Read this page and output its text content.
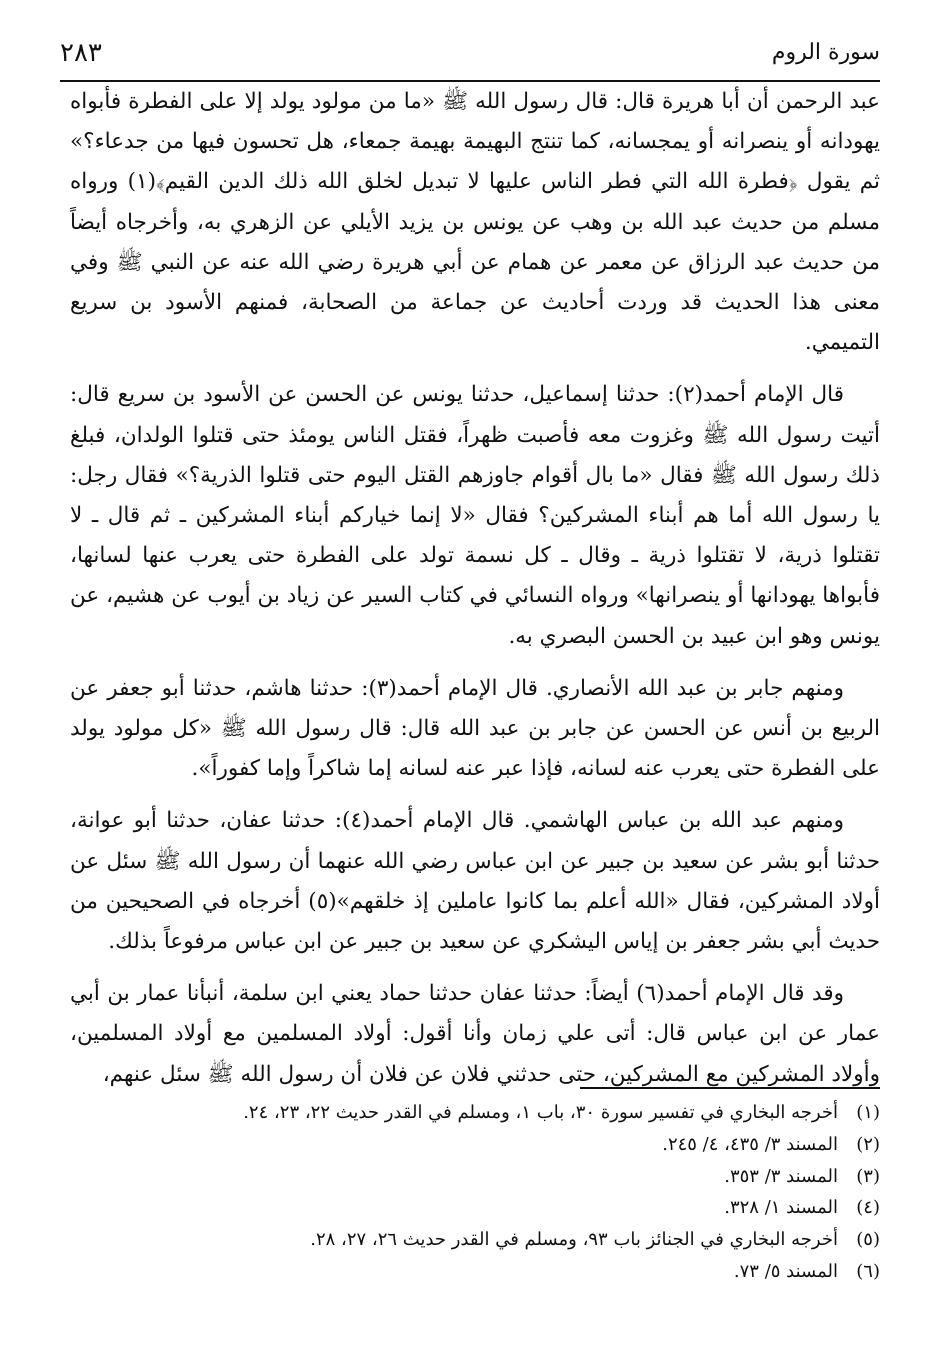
سورة الروم
٢٨٣

عبد الرحمن أن أبا هريرة قال: قال رسول الله ﷺ «ما من مولود يولد إلا على الفطرة فأبواه يهودانه أو ينصرانه أو يمجسانه، كما تنتج البهيمة بهيمة جمعاء، هل تحسون فيها من جدعاء؟» ثم يقول ﴿فطرة الله التي فطر الناس عليها لا تبديل لخلق الله ذلك الدين القيم﴾(١) ورواه مسلم من حديث عبد الله بن وهب عن يونس بن يزيد الأيلي عن الزهري به، وأخرجاه أيضاً من حديث عبد الرزاق عن معمر عن همام عن أبي هريرة رضي الله عنه عن النبي ﷺ وفي معنى هذا الحديث قد وردت أحاديث عن جماعة من الصحابة، فمنهم الأسود بن سريع التميمي.

قال الإمام أحمد(٢): حدثنا إسماعيل، حدثنا يونس عن الحسن عن الأسود بن سريع قال: أتيت رسول الله ﷺ وغزوت معه فأصبت ظهراً، فقتل الناس يومئذ حتى قتلوا الولدان، فبلغ ذلك رسول الله ﷺ فقال «ما بال أقوام جاوزهم القتل اليوم حتى قتلوا الذرية؟» فقال رجل: يا رسول الله أما هم أبناء المشركين؟ فقال «لا إنما خياركم أبناء المشركين ـ ثم قال ـ لا تقتلوا ذرية، لا تقتلوا ذرية ـ وقال ـ كل نسمة تولد على الفطرة حتى يعرب عنها لسانها، فأبواها يهودانها أو ينصرانها» ورواه النسائي في كتاب السير عن زياد بن أيوب عن هشيم، عن يونس وهو ابن عبيد بن الحسن البصري به.

ومنهم جابر بن عبد الله الأنصاري. قال الإمام أحمد(٣): حدثنا هاشم، حدثنا أبو جعفر عن الربيع بن أنس عن الحسن عن جابر بن عبد الله قال: قال رسول الله ﷺ «كل مولود يولد على الفطرة حتى يعرب عنه لسانه، فإذا عبر عنه لسانه إما شاكراً وإما كفوراً».

ومنهم عبد الله بن عباس الهاشمي. قال الإمام أحمد(٤): حدثنا عفان، حدثنا أبو عوانة، حدثنا أبو بشر عن سعيد بن جبير عن ابن عباس رضي الله عنهما أن رسول الله ﷺ سئل عن أولاد المشركين، فقال «الله أعلم بما كانوا عاملين إذ خلقهم»(٥) أخرجاه في الصحيحين من حديث أبي بشر جعفر بن إياس اليشكري عن سعيد بن جبير عن ابن عباس مرفوعاً بذلك.

وقد قال الإمام أحمد(٦) أيضاً: حدثنا عفان حدثنا حماد يعني ابن سلمة، أنبأنا عمار بن أبي عمار عن ابن عباس قال: أتى علي زمان وأنا أقول: أولاد المسلمين مع أولاد المسلمين، وأولاد المشركين مع المشركين، حتى حدثني فلان عن فلان أن رسول الله ﷺ سئل عنهم،

(١)
أخرجه البخاري في تفسير سورة ٣٠، باب ١، ومسلم في القدر حديث ٢٢، ٢٣، ٢٤.
(٢)
المسند ٣/ ٤٣٥، ٤/ ٢٤٥.
(٣)
المسند ٣/ ٣٥٣.
(٤)
المسند ١/ ٣٢٨.
(٥)
أخرجه البخاري في الجنائز باب ٩٣، ومسلم في القدر حديث ٢٦، ٢٧، ٢٨.
(٦)
المسند ٥/ ٧٣.
